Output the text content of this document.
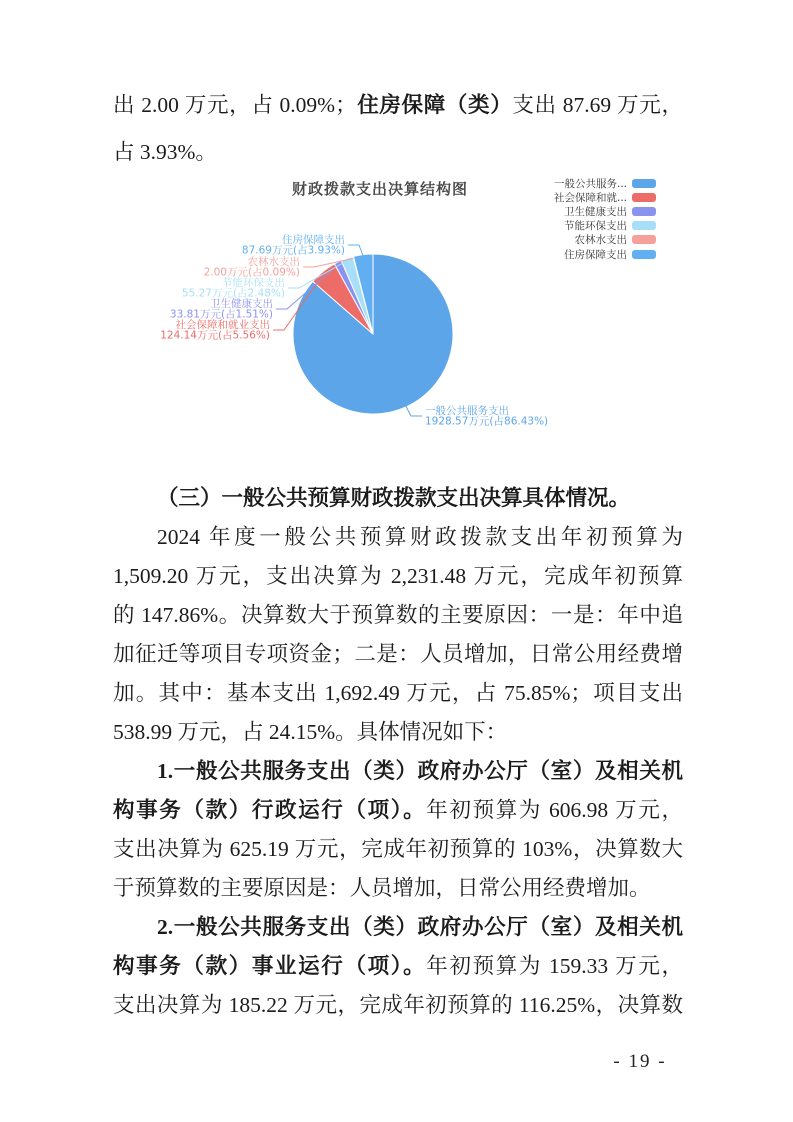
出 2.00 万元，占 0.09%；住房保障（类）支出 87.69 万元，
占 3.93%。
财政拨款支出决算结构图	一般公共服务...
社会保障和就...
卫生健康支出
节能环保支出
农林水支出
住房保障支出
一般公共服务支出
1928.57万元(占86.43%)
社会保障和就业支出
124.14万元(占5.56%)
卫生健康支出
33.81万元(占1.51%)
节能环保支出
55.27万元(占2.48%)
农林水支出
2.00万元(占0.09%)
住房保障支出
87.69万元(占3.93%)
（三）一般公共预算财政拨款支出决算具体情况。
2024 年度一般公共预算财政拨款支出年初预算为
1,509.20 万元，支出决算为 2,231.48 万元，完成年初预算
的 147.86%。决算数大于预算数的主要原因：一是：年中追
加征迁等项目专项资金；二是：人员增加，日常公用经费增
加。其中：基本支出 1,692.49 万元，占 75.85%；项目支出
538.99 万元，占 24.15%。具体情况如下：
1.一般公共服务支出（类）政府办公厅（室）及相关机
构事务（款）行政运行（项）。年初预算为 606.98 万元，
支出决算为 625.19 万元，完成年初预算的 103%，决算数大
于预算数的主要原因是：人员增加，日常公用经费增加。
2.一般公共服务支出（类）政府办公厅（室）及相关机
构事务（款）事业运行（项）。年初预算为 159.33 万元，
支出决算为 185.22 万元，完成年初预算的 116.25%，决算数
- 19 -
